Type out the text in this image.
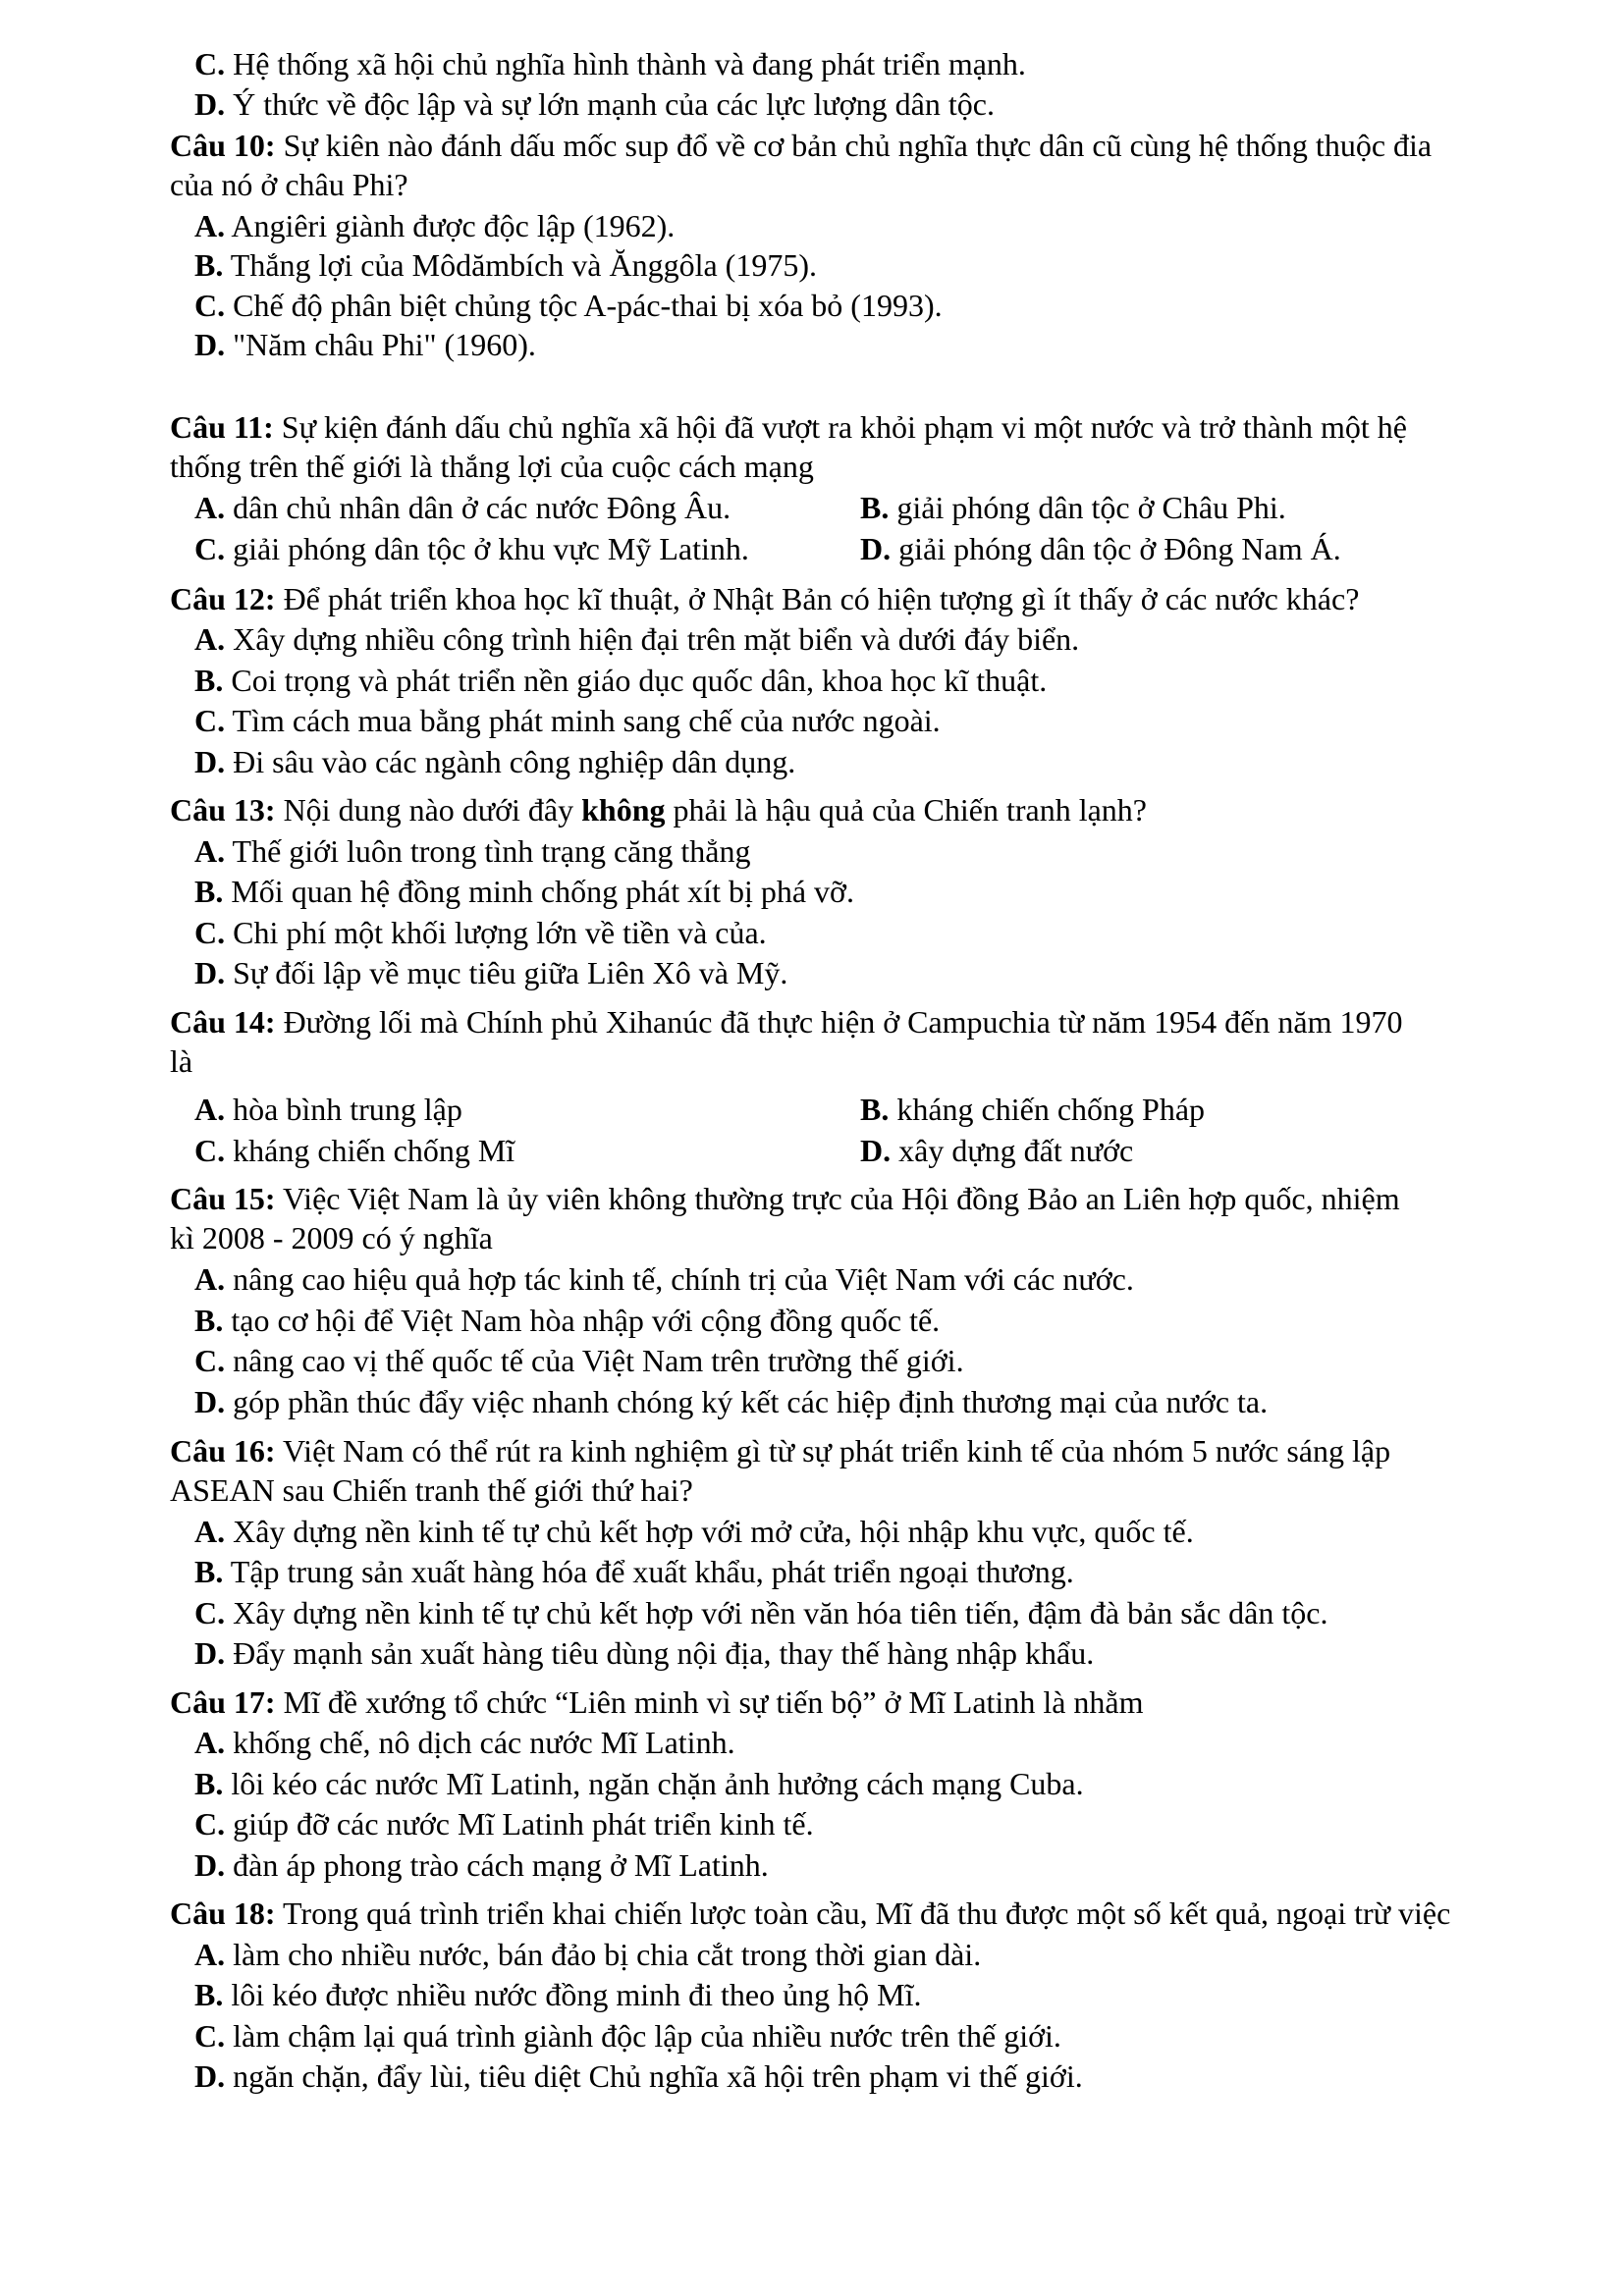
C. Hệ thống xã hội chủ nghĩa hình thành và đang phát triển mạnh.
D. Ý thức về độc lập và sự lớn mạnh của các lực lượng dân tộc.
Câu 10: Sự kiên nào đánh dấu mốc sup đổ về cơ bản chủ nghĩa thực dân cũ cùng hệ thống thuộc đia
của nó ở châu Phi?
A. Angiêri giành được độc lập (1962).
B. Thắng lợi của Môdămbích và Ănggôla (1975).
C. Chế độ phân biệt chủng tộc A-pác-thai bị xóa bỏ (1993).
D. "Năm châu Phi" (1960).
Câu 11: Sự kiện đánh dấu chủ nghĩa xã hội đã vượt ra khỏi phạm vi một nước và trở thành một hệ
thống trên thế giới là thắng lợi của cuộc cách mạng
A. dân chủ nhân dân ở các nước Đông Âu.	B. giải phóng dân tộc ở Châu Phi.
C. giải phóng dân tộc ở khu vực Mỹ Latinh.	D. giải phóng dân tộc ở Đông Nam Á.
Câu 12: Để phát triển khoa học kĩ thuật, ở Nhật Bản có hiện tượng gì ít thấy ở các nước khác?
A. Xây dựng nhiều công trình hiện đại trên mặt biển và dưới đáy biển.
B. Coi trọng và phát triển nền giáo dục quốc dân, khoa học kĩ thuật.
C. Tìm cách mua bằng phát minh sang chế của nước ngoài.
D. Đi sâu vào các ngành công nghiệp dân dụng.
Câu 13: Nội dung nào dưới đây không phải là hậu quả của Chiến tranh lạnh?
A. Thế giới luôn trong tình trạng căng thẳng
B. Mối quan hệ đồng minh chống phát xít bị phá vỡ.
C. Chi phí một khối lượng lớn về tiền và của.
D. Sự đối lập về mục tiêu giữa Liên Xô và Mỹ.
Câu 14: Đường lối mà Chính phủ Xihanúc đã thực hiện ở Campuchia từ năm 1954 đến năm 1970
là
A. hòa bình trung lập	B. kháng chiến chống Pháp
C. kháng chiến chống Mĩ	D. xây dựng đất nước
Câu 15: Việc Việt Nam là ủy viên không thường trực của Hội đồng Bảo an Liên hợp quốc, nhiệm
kì 2008 - 2009 có ý nghĩa
A. nâng cao hiệu quả hợp tác kinh tế, chính trị của Việt Nam với các nước.
B. tạo cơ hội để Việt Nam hòa nhập với cộng đồng quốc tế.
C. nâng cao vị thế quốc tế của Việt Nam trên trường thế giới.
D. góp phần thúc đẩy việc nhanh chóng ký kết các hiệp định thương mại của nước ta.
Câu 16: Việt Nam có thể rút ra kinh nghiệm gì từ sự phát triển kinh tế của nhóm 5 nước sáng lập
ASEAN sau Chiến tranh thế giới thứ hai?
A. Xây dựng nền kinh tế tự chủ kết hợp với mở cửa, hội nhập khu vực, quốc tế.
B. Tập trung sản xuất hàng hóa để xuất khẩu, phát triển ngoại thương.
C. Xây dựng nền kinh tế tự chủ kết hợp với nền văn hóa tiên tiến, đậm đà bản sắc dân tộc.
D. Đẩy mạnh sản xuất hàng tiêu dùng nội địa, thay thế hàng nhập khẩu.
Câu 17: Mĩ đề xướng tổ chức “Liên minh vì sự tiến bộ” ở Mĩ Latinh là nhằm
A. khống chế, nô dịch các nước Mĩ Latinh.
B. lôi kéo các nước Mĩ Latinh, ngăn chặn ảnh hưởng cách mạng Cuba.
C. giúp đỡ các nước Mĩ Latinh phát triển kinh tế.
D. đàn áp phong trào cách mạng ở Mĩ Latinh.
Câu 18: Trong quá trình triển khai chiến lược toàn cầu, Mĩ đã thu được một số kết quả, ngoại trừ việc
A. làm cho nhiều nước, bán đảo bị chia cắt trong thời gian dài.
B. lôi kéo được nhiều nước đồng minh đi theo ủng hộ Mĩ.
C. làm chậm lại quá trình giành độc lập của nhiều nước trên thế giới.
D. ngăn chặn, đẩy lùi, tiêu diệt Chủ nghĩa xã hội trên phạm vi thế giới.
